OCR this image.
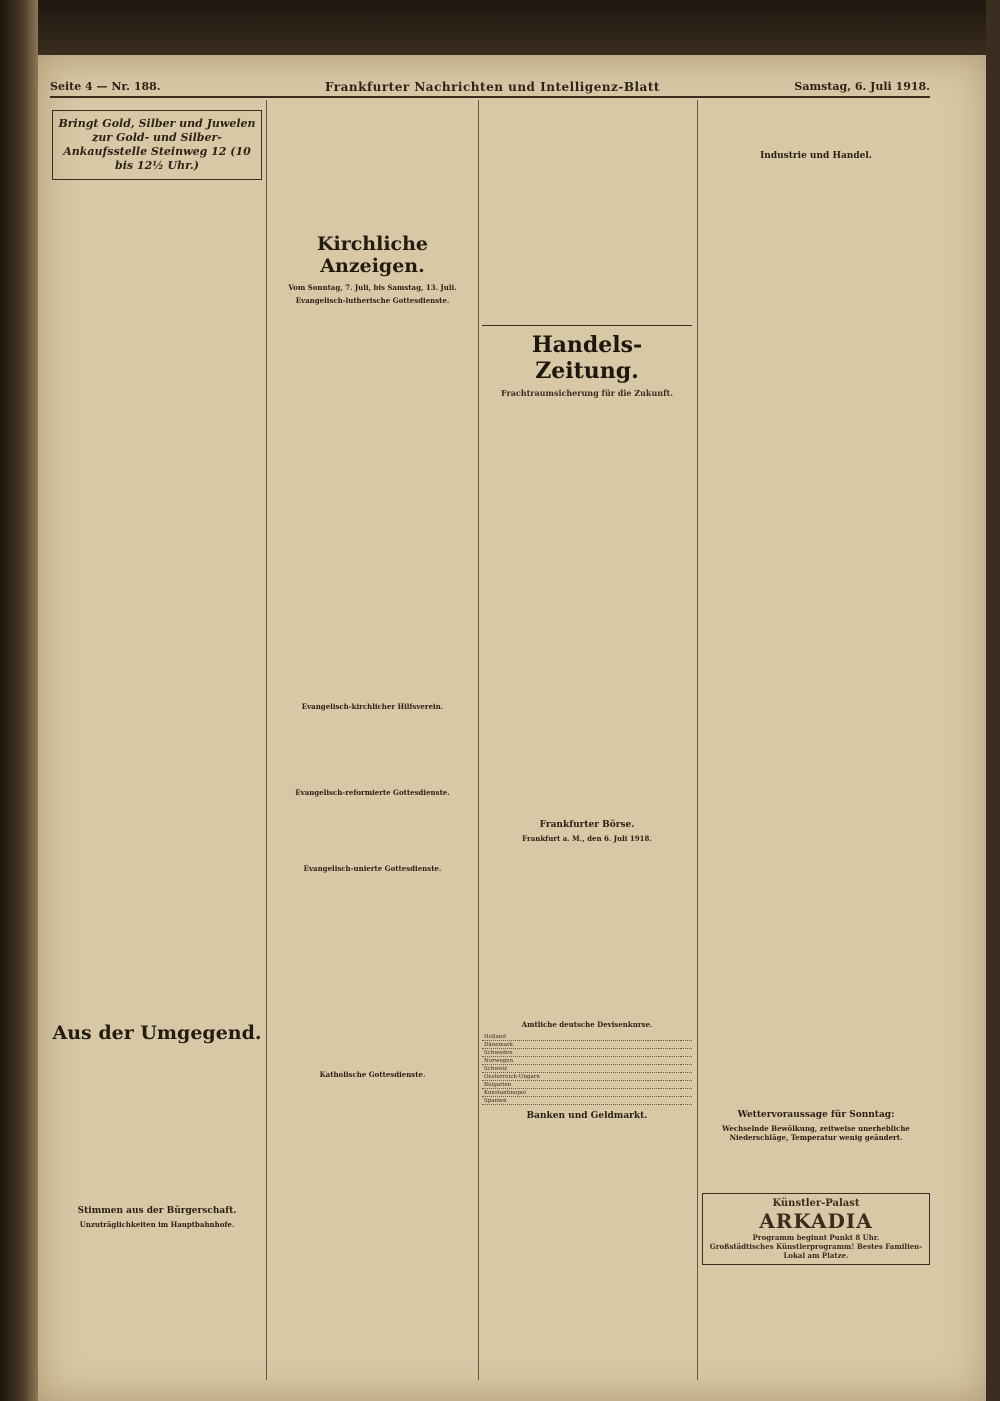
Seite 4 — Nr. 188.	Frankfurter Nachrichten und Intelligenz-Blatt	Samstag, 6. Juli 1918.
Bringt Gold, Silber und Juwelen zur Gold- und Silber-Ankaufsstelle Steinweg 12 (10 bis 12½ Uhr.)
Aus der Umgegend.
Stimmen aus der Bürgerschaft.
Unzuträglichkeiten im Hauptbahnhofe.
Kirchliche Anzeigen.
Vom Sonntag, 7. Juli, bis Samstag, 13. Juli.
Evangelisch-lutherische Gottesdienste.
Evangelisch-kirchlicher Hilfsverein.
Evangelisch-reformierte Gottesdienste.
Evangelisch-unierte Gottesdienste.
Katholische Gottesdienste.
Handels-Zeitung.
Frachtraumsicherung für die Zukunft.
Frankfurter Börse.
Frankfurt a. M., den 6. Juli 1918.
Amtliche deutsche Devisenkurse.
Holland				
Dänemark				
Schweden				
Norwegen				
Schweiz				
Oesterreich-Ungarn				
Bulgarien				
Konstantinopel				
Spanien				
Banken und Geldmarkt.
Industrie und Handel.
Wettervoraussage für Sonntag:
Wechselnde Bewölkung, zeitweise unerhebliche Niederschläge, Temperatur wenig geändert.
Künstler-Palast
ARKADIA
Programm beginnt Punkt 8 Uhr.
Großstädtisches Künstlerprogramm! Bestes Familien-Lokal am Platze.
